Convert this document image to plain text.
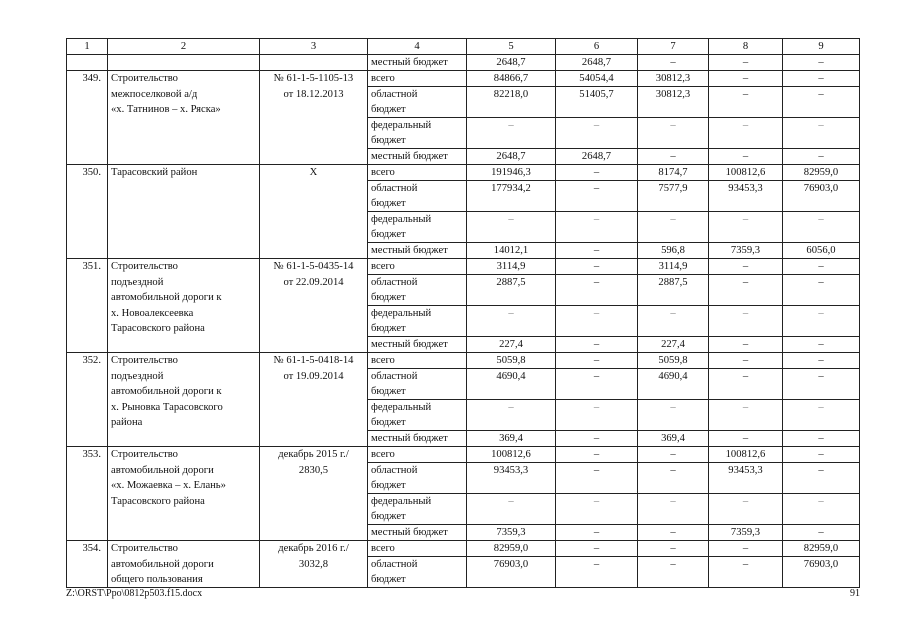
1	2	3	4	5	6	7	8	9
			местный бюджет	2648,7	2648,7	–	–	–
349.	Строительство	№ 61-1-5-1105-13	всего	84866,7	54054,4	30812,3	–	–
	межпоселковой а/д	от 18.12.2013	областной	82218,0	51405,7	30812,3	–	–
	«х. Татнинов – х. Ряска»		бюджет					
			федеральный	–	–	–	–	–
			бюджет					
			местный бюджет	2648,7	2648,7	–	–	–
350.	Тарасовский район	Х	всего	191946,3	–	8174,7	100812,6	82959,0
			областной	177934,2	–	7577,9	93453,3	76903,0
			бюджет					
			федеральный	–	–	–	–	–
			бюджет					
			местный бюджет	14012,1	–	596,8	7359,3	6056,0
351.	Строительство	№ 61-1-5-0435-14	всего	3114,9	–	3114,9	–	–
	подъездной	от 22.09.2014	областной	2887,5	–	2887,5	–	–
	автомобильной дороги к		бюджет					
	х. Новоалексеевка		федеральный	–	–	–	–	–
	Тарасовского района		бюджет					
			местный бюджет	227,4	–	227,4	–	–
352.	Строительство	№ 61-1-5-0418-14	всего	5059,8	–	5059,8	–	–
	подъездной	от 19.09.2014	областной	4690,4	–	4690,4	–	–
	автомобильной дороги к		бюджет					
	х. Рыновка Тарасовского		федеральный	–	–	–	–	–
	района		бюджет					
			местный бюджет	369,4	–	369,4	–	–
353.	Строительство	декабрь 2015 г./	всего	100812,6	–	–	100812,6	–
	автомобильной дороги	2830,5	областной	93453,3	–	–	93453,3	–
	«х. Можаевка – х. Елань»		бюджет					
	Тарасовского района		федеральный	–	–	–	–	–
			бюджет					
			местный бюджет	7359,3	–	–	7359,3	–
354.	Строительство	декабрь 2016 г./	всего	82959,0	–	–	–	82959,0
	автомобильной дороги	3032,8	областной	76903,0	–	–	–	76903,0
	общего пользования		бюджет					
Z:\ORST\Ppo\0812p503.f15.docx	91
